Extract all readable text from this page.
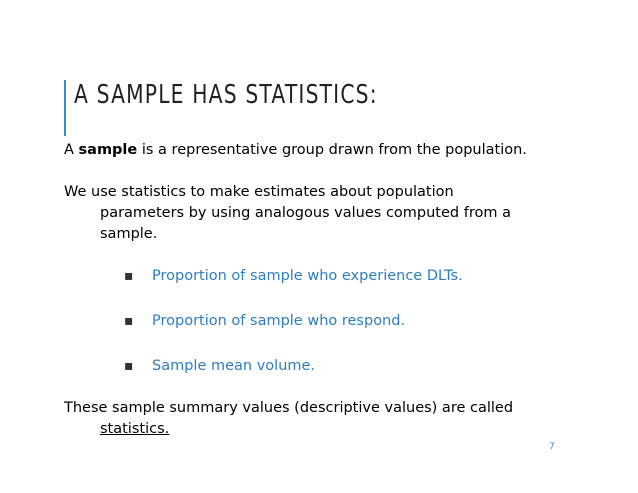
A SAMPLE HAS STATISTICS:

A sample is a representative group drawn from the population.

We use statistics to make estimates about population parameters by using analogous values computed from a sample.

▪ Proportion of sample who experience DLTs.
▪ Proportion of sample who respond.
▪ Sample mean volume.

These sample summary values (descriptive values) are called statistics.

7
